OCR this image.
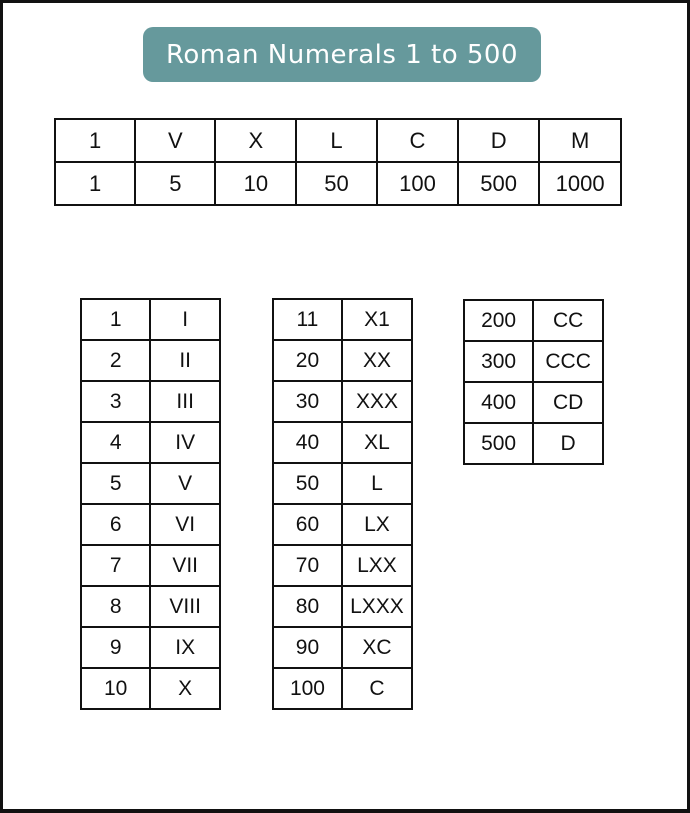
Roman Numerals 1 to 500
1	V	X	L	C	D	M
1	5	10	50	100	500	1000
1	I
2	II
3	III
4	IV
5	V
6	VI
7	VII
8	VIII
9	IX
10	X
11	X1
20	XX
30	XXX
40	XL
50	L
60	LX
70	LXX
80	LXXX
90	XC
100	C
200	CC
300	CCC
400	CD
500	D
